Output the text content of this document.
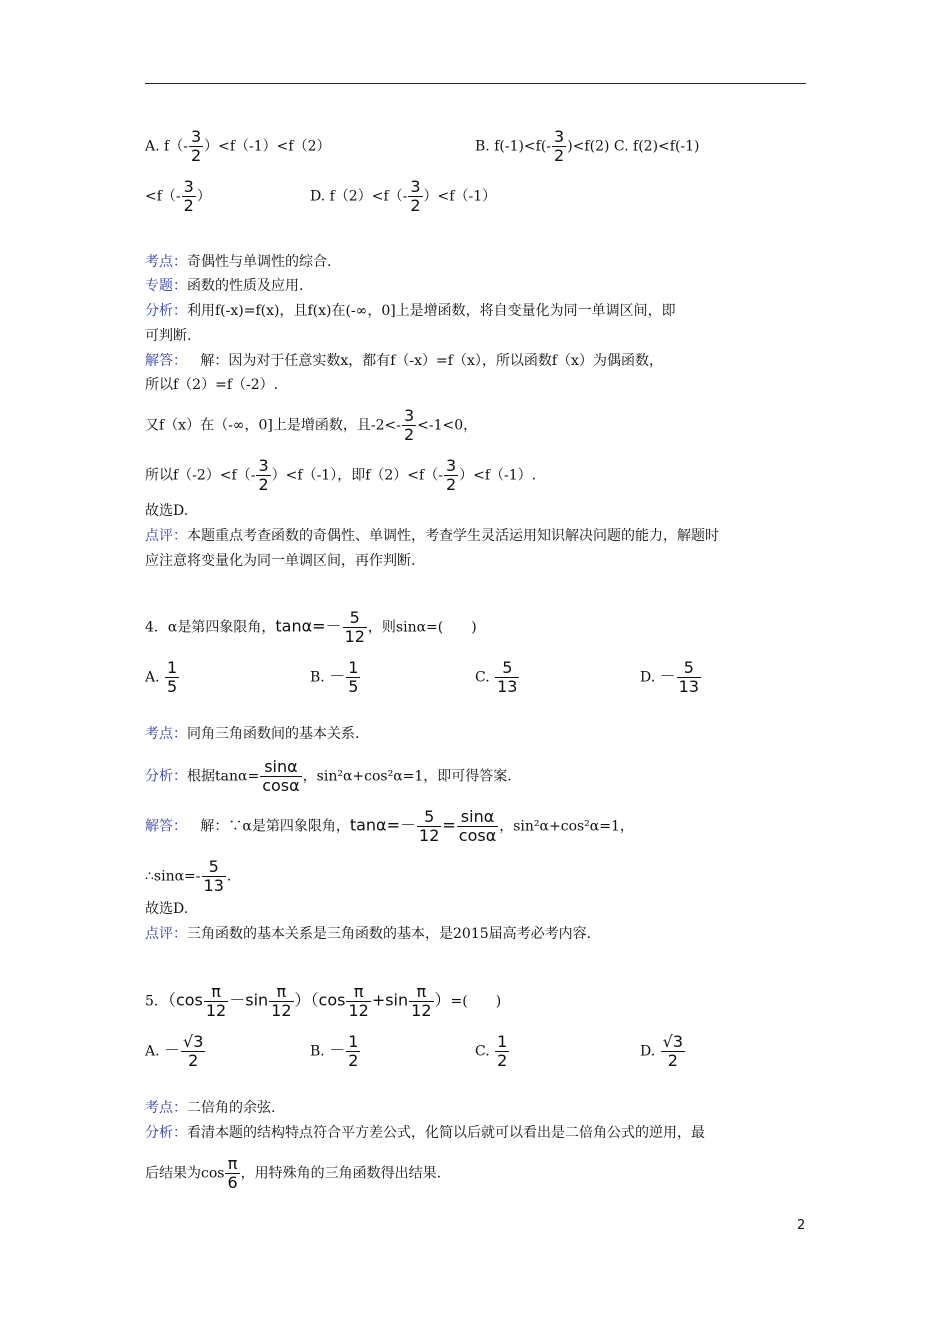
A. $f(- \frac{3}{2} )<f(-1)<f(2)$	B. $f(-1)<f(- \frac{3}{2} )<f(2)$ C. f(2)<f(-1)
$<f(- \frac{3}{2}$ ）	D. $f(2)<f(- \frac{3}{2} )<f(-1)$
考点：奇偶性与单调性的综合.
专题：函数的性质及应用.
分析：利用f(-x)=f(x)，且f(x)在(-∞，0]上是增函数，将自变量化为同一单调区间，即
可判断.
解答： 解：因为对于任意实数x，都有f（-x）=f（x），所以函数f（x）为偶函数，
所以f（2）=f（-2）.
又f（x）在（-∞，0]上是增函数，且$-2<- \frac{3}{2} <-1<0$，
所以$f(-2)<f(- \frac{3}{2} )<f(-1)$，即$f(2)<f(- \frac{3}{2} )<f(-1)$.
故选D.
点评：本题重点考查函数的奇偶性、单调性，考查学生灵活运用知识解决问题的能力，解题时
应注意将变量化为同一单调区间，再作判断.
4．α是第四象限角，$\tan\alpha=- \frac{5}{12}$ ，则sinα=(　　)
A. $\frac{1}{5}$	B. － $\frac{1}{5}$	C. $\frac{5}{13}$	D. － $\frac{5}{13}$
考点：同角三角函数间的基本关系.
分析：根据$\tan\alpha= \frac{\sin\alpha}{\cos\alpha}$ ，sin²α+cos²α=1，即可得答案.
解答： 解：∵α是第四象限角，$\tan\alpha=- \frac{5}{12} = \frac{\sin\alpha}{\cos\alpha}$ ，sin²α+cos²α=1，
∴sinα=- $\frac{5}{13}$ .
故选D.
点评：三角函数的基本关系是三角函数的基本，是2015届高考必考内容.
5．$(\cos \frac{\pi}{12} -\sin \frac{\pi}{12} )(\cos \frac{\pi}{12} +\sin \frac{\pi}{12}$ ）=(　　)
A. － $\frac{√3}{2}$	B. － $\frac{1}{2}$	C. $\frac{1}{2}$	D. $\frac{√3}{2}$
考点：二倍角的余弦.
分析：看清本题的结构特点符合平方差公式，化简以后就可以看出是二倍角公式的逆用，最
后结果为$\cos \frac{\pi}{6}$ ，用特殊角的三角函数得出结果.
2
